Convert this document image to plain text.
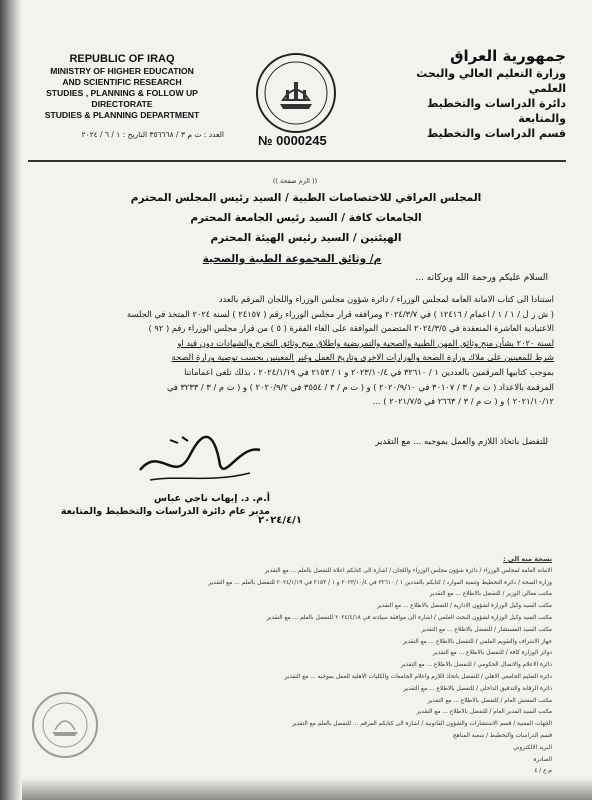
REPUBLIC OF IRAQ
MINISTRY OF HIGHER EDUCATION
AND SCIENTIFIC RESEARCH
STUDIES , PLANNING & FOLLOW UP DIRECTORATE
STUDIES & PLANNING DEPARTMENT
جمهورية العراق
وزارة التعليم العالي والبحث العلمي
دائرة الدراسات والتخطيط والمتابعة
قسم الدراسات والتخطيط
العدد : ت م ٣ / ٣٥٦٦٦٨ التاريخ : ١ / ٦ / ٢٠٢٤	№ 0000245
(( الزم صفحة ))
المجلس العراقي للاختصاصات الطبية / السيد رئيس المجلس المحترم
الجامعات كافة / السيد رئيس الجامعة المحترم
الهيئتين / السيد رئيس الهيئة المحترم
م/ وثائق المجموعة الطبية والصحية
السلام عليكم ورحمة الله وبركاته ...
استنادا الى كتاب الامانة العامة لمجلس الوزراء / دائرة شؤون مجلس الوزراء واللجان المرقم بالعدد
( ش ز ل / ١ / ١ / اعمام / ١٢٤١٦ ) في ٢٠٢٤/٣/٧ ومرافقه قرار مجلس الوزراء رقم ( ٢٤١٥٧ ) لسنة ٢٠٢٤ المتخذ في الجلسة
الاعتيادية العاشرة المنعقدة في ٢٠٢٤/٣/٥ المتضمن الموافقة على الغاء الفقرة ( ٥ ) من قرار مجلس الوزراء رقم ( ٩٢ )
لسنة ٢٠٢٠ بشأن منح وثائق المهن الطبية والصحية والتمريضية واطلاق منح وثائق التخرج والشهادات دون قيد او
شرط للمعينين على ملاك وزارة الصحة والوزارات الاخرى وتاريخ العمل وغير المعينين بحسب توصية وزارة الصحة
بموجب كتابيها المرقمين بالعددين ١ / ٣٢٦١٠ في ٢٠٢٣/١٠/٤ و ١ / ٢١٥٣ في ٢٠٢٤/١/١٩ ، بذلك تلغى اعماماتنا
المرقمة بالاعداد ( ت م / ٣ / ٣٠١٠٧ في ٢٠٢٠/٩/١٠ ) و ( ت م / ٣ / ٣٥٥٤ في ٢٠٢٠/٩/٢ ) و ( ت م / ٣ / ٣٢٣٣ في
٢٠٢١/١٠/١٢ ) و ( ت م / ٣ / ٢٦٦٣ في ٢٠٢١/٧/٥ ) ...
للتفضل باتخاذ اللازم والعمل بموجبه ... مع التقدير
أ.م. د. إيهاب ناجي عباس
مدير عام دائرة الدراسات والتخطيط والمتابعة
٢٠٢٤/٤/١
نسخة منه الى :
الامانة العامة لمجلس الوزراء / دائرة شؤون مجلس الوزراء واللجان / اشارة الى كتابكم اعلاه للتفضل بالعلم ... مع التقدير
وزارة الصحة / دائرة التخطيط وتنمية الموارد / كتابكم بالعددين ١ / ٣٢٦١٠ في ٢٠٢٣/١٠/٤ و ١ / ٢١٥٣ في ٢٠٢٤/١/١٩ للتفضل بالعلم ... مع التقدير
مكتب معالي الوزير / للتفضل بالاطلاع ... مع التقدير
مكتب السيد وكيل الوزارة لشؤون الادارية / للتفضل بالاطلاع ... مع التقدير
مكتب السيد وكيل الوزارة لشؤون البحث العلمي / اشارة الى موافقة سيادته في ٢٠٢٤/٤/١٨ للتفضل بالعلم ... مع التقدير
مكتب السيد المستشار / للتفضل بالاطلاع ... مع التقدير
جهاز الاشراف والتقويم العلمي / للتفضل بالاطلاع ... مع التقدير
دوائر الوزارة كافة / للتفضل بالاطلاع ... مع التقدير
دائرة الاعلام والاتصال الحكومي / للتفضل بالاطلاع ... مع التقدير
دائرة التعليم الجامعي الاهلي / للتفضل باتخاذ اللازم واعلام الجامعات والكليات الاهلية للعمل بموجبه ... مع التقدير
دائرة الرقابة والتدقيق الداخلي / للتفضل بالاطلاع ... مع التقدير
مكتب المفتش العام / للتفضل بالاطلاع ... مع التقدير
مكتب السيد المدير العام / للتفضل بالاطلاع ... مع التقدير
الجهات المعنية / قسم الاستشارات والشؤون القانونية / اشارة الى كتابكم المرقم ... للتفضل بالعلم مع التقدير
قسم الدراسات والتخطيط / شعبة المناهج
البريد الالكتروني
الصادرة
م.ع / ٤
